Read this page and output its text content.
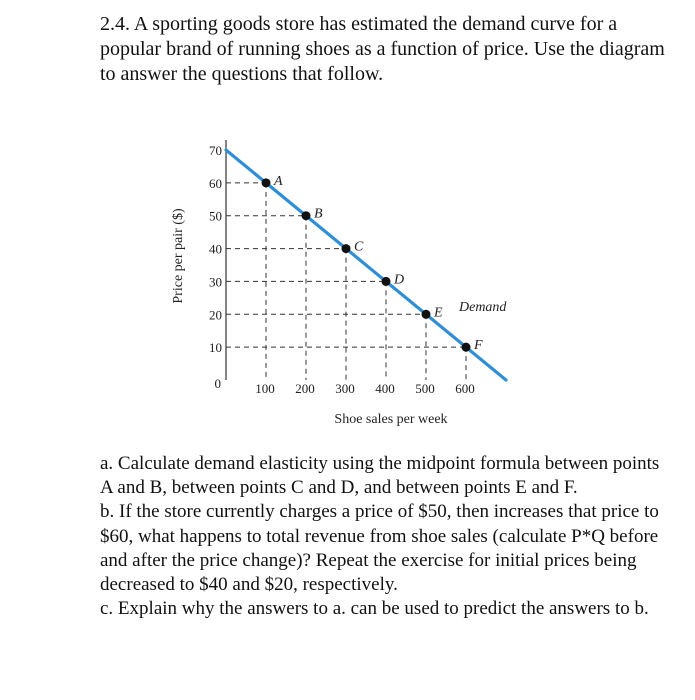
2.4. A sporting goods store has estimated the demand curve for a popular brand of running shoes as a function of price. Use the diagram to answer the questions that follow.

10
20
30
40
50
60
70
100 200 300 400 500 600
A
B
C
D
E
F
0
Shoe sales per week
Price per pair ($)
Demand

a. Calculate demand elasticity using the midpoint formula between points A and B, between points C and D, and between points E and F.

b. If the store currently charges a price of $50, then increases that price to $60, what happens to total revenue from shoe sales (calculate P*Q before and after the price change)? Repeat the exercise for initial prices being decreased to $40 and $20, respectively.

c. Explain why the answers to a. can be used to predict the answers to b.
